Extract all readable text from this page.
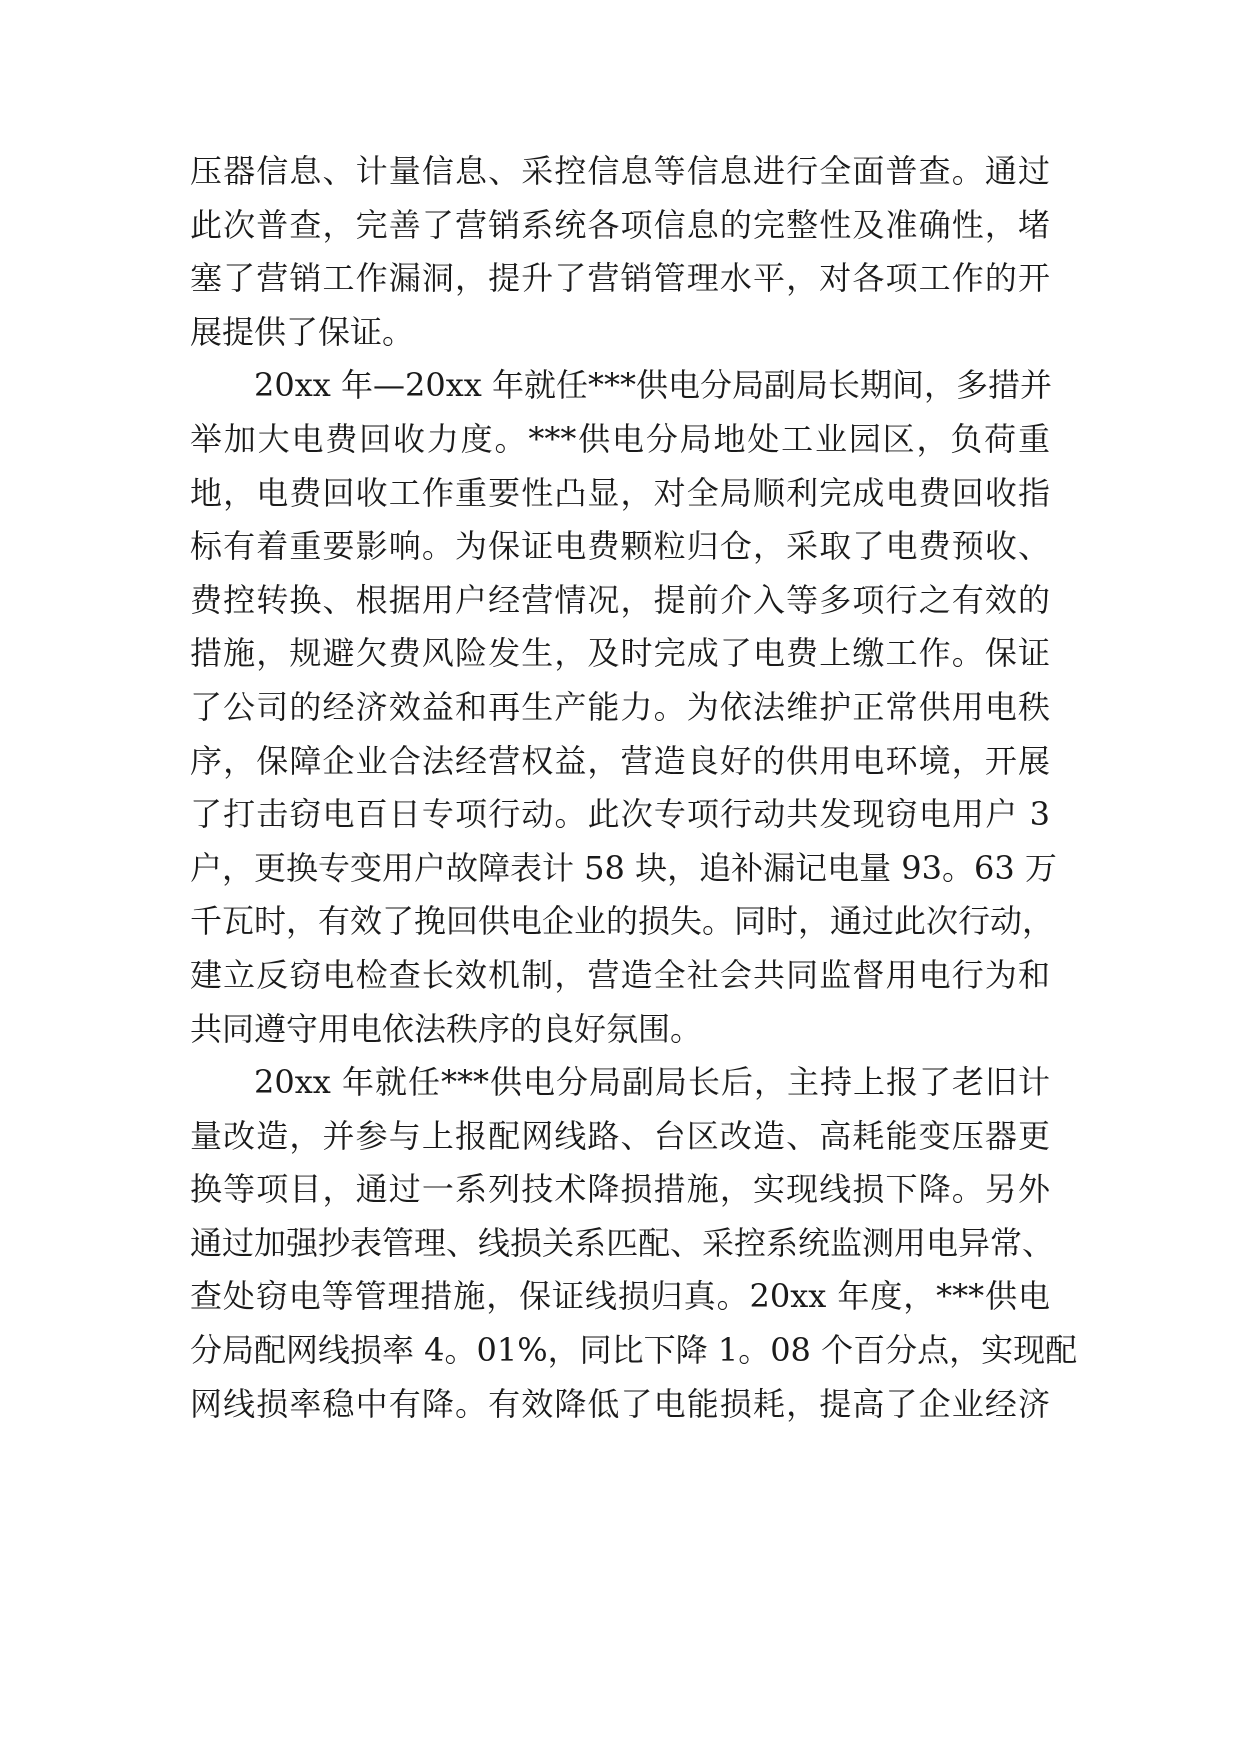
压器信息、计量信息、采控信息等信息进行全面普查。通过
此次普查，完善了营销系统各项信息的完整性及准确性，堵
塞了营销工作漏洞，提升了营销管理水平，对各项工作的开
展提供了保证。
20xx 年—20xx 年就任***供电分局副局长期间，多措并
举加大电费回收力度。***供电分局地处工业园区，负荷重
地，电费回收工作重要性凸显，对全局顺利完成电费回收指
标有着重要影响。为保证电费颗粒归仓，采取了电费预收、
费控转换、根据用户经营情况，提前介入等多项行之有效的
措施，规避欠费风险发生，及时完成了电费上缴工作。保证
了公司的经济效益和再生产能力。为依法维护正常供用电秩
序，保障企业合法经营权益，营造良好的供用电环境，开展
了打击窃电百日专项行动。此次专项行动共发现窃电用户 3
户，更换专变用户故障表计 58 块，追补漏记电量 93。63 万
千瓦时，有效了挽回供电企业的损失。同时，通过此次行动，
建立反窃电检查长效机制，营造全社会共同监督用电行为和
共同遵守用电依法秩序的良好氛围。
20xx 年就任***供电分局副局长后，主持上报了老旧计
量改造，并参与上报配网线路、台区改造、高耗能变压器更
换等项目，通过一系列技术降损措施，实现线损下降。另外
通过加强抄表管理、线损关系匹配、采控系统监测用电异常、
查处窃电等管理措施，保证线损归真。20xx 年度，***供电
分局配网线损率 4。01%，同比下降 1。08 个百分点，实现配
网线损率稳中有降。有效降低了电能损耗，提高了企业经济
